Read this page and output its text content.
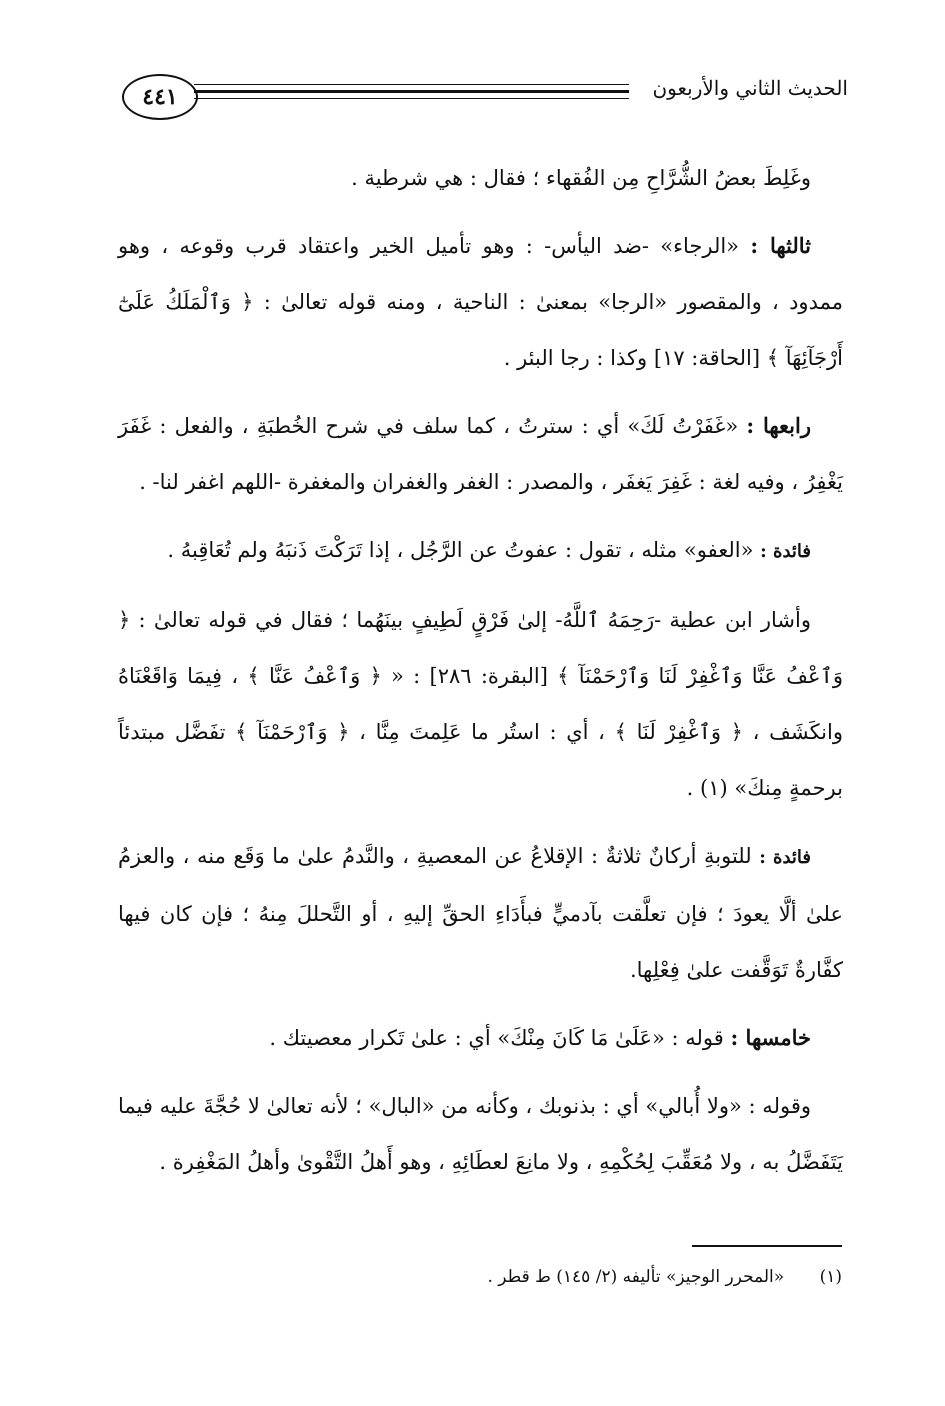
٤٤١	الحديث الثاني والأربعون

وغَلِطَ بعضُ الشُّرَّاحِ مِن الفُقهاء ؛ فقال : هي شرطية .

ثالثها : «الرجاء» -ضد اليأس- : وهو تأميل الخير واعتقاد قرب وقوعه ، وهو ممدود ، والمقصور «الرجا» بمعنىٰ : الناحية ، ومنه قوله تعالىٰ : ﴿ وَٱلْمَلَكُ عَلَىٰٓ أَرْجَآئِهَآ ﴾ [الحاقة: ١٧] وكذا : رجا البئر .

رابعها : «غَفَرْتُ لَكَ» أي : سترتُ ، كما سلف في شرح الخُطبَةِ ، والفعل : غَفَرَ يَغْفِرُ ، وفيه لغة : غَفِرَ يَغفَر ، والمصدر : الغفر والغفران والمغفرة -اللهم اغفر لنا- .

فائدة : «العفو» مثله ، تقول : عفوتُ عن الرَّجُل ، إذا تَرَكْتَ ذَنبَهُ ولم تُعَاقِبهُ .

وأشار ابن عطية -رَحِمَهُ ٱللَّهُ- إلىٰ فَرْقٍ لَطِيفٍ بينَهُما ؛ فقال في قوله تعالىٰ : ﴿ وَٱعْفُ عَنَّا وَٱغْفِرْ لَنَا وَٱرْحَمْنَآ ﴾ [البقرة: ٢٨٦] : « ﴿ وَٱعْفُ عَنَّا ﴾ ، فِيمَا وَاقَعْنَاهُ وانكَشَف ، ﴿ وَٱغْفِرْ لَنَا ﴾ ، أي : استُر ما عَلِمتَ مِنَّا ، ﴿ وَٱرْحَمْنَآ ﴾ تفَضَّل مبتدئاً برحمةٍ مِنكَ» (١) .

فائدة : للتوبةِ أركانٌ ثلاثةٌ : الإقلاعُ عن المعصيةِ ، والنَّدمُ علىٰ ما وَقَع منه ، والعزمُ علىٰ ألَّا يعودَ ؛ فإن تعلَّقت بآدميٍّ فبأَدَاءِ الحقِّ إليهِ ، أو التَّحللَ مِنهُ ؛ فإن كان فيها كفَّارةٌ تَوَقَّفت علىٰ فِعْلِها.

خامسها : قوله : «عَلَىٰ مَا كَانَ مِنْكَ» أي : علىٰ تَكرار معصيتك .

وقوله : «ولا أُبالي» أي : بذنوبك ، وكأنه من «البال» ؛ لأنه تعالىٰ لا حُجَّةَ عليه فيما يَتَفَضَّلُ به ، ولا مُعَقِّبَ لِحُكْمِهِ ، ولا مانِعَ لعطَائِهِ ، وهو أَهلُ التَّقْوىٰ وأهلُ المَغْفِرة .

(١) «المحرر الوجيز» تأليفه (٢/ ١٤٥) ط قطر .
